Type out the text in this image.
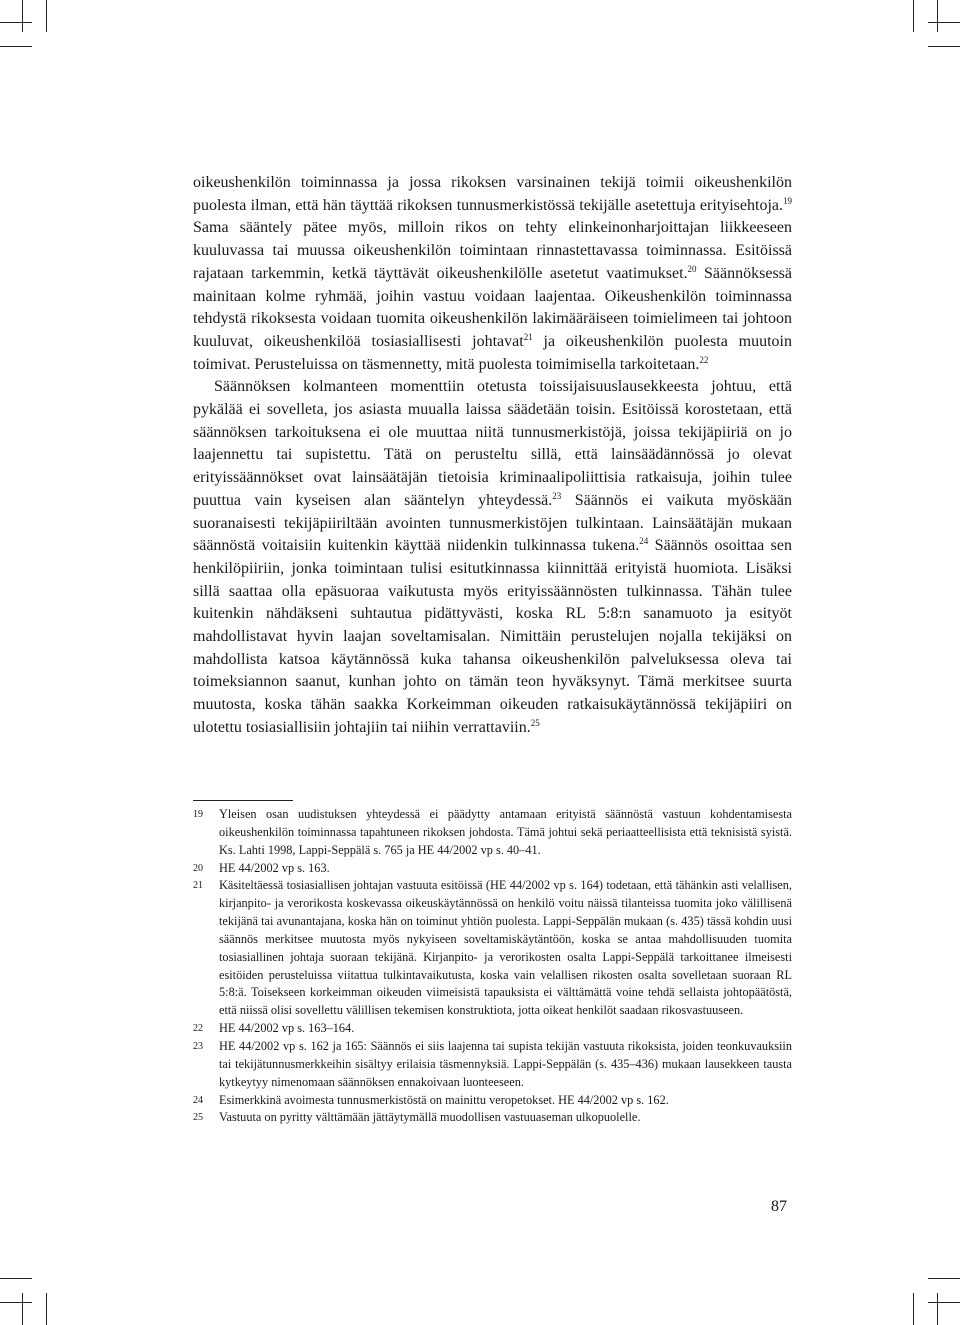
oikeushenkilön toiminnassa ja jossa rikoksen varsinainen tekijä toimii oikeushenkilön puolesta ilman, että hän täyttää rikoksen tunnusmerkistössä tekijälle asetettuja erityisehtoja.$^{19}$ Sama sääntely pätee myös, milloin rikos on tehty elinkeinonharjoittajan liikkeeseen kuuluvassa tai muussa oikeushenkilön toimintaan rinnastettavassa toiminnassa. Esitöissä rajataan tarkemmin, ketkä täyttävät oikeushenkilölle asetetut vaatimukset.$^{20}$ Säännöksessä mainitaan kolme ryhmää, joihin vastuu voidaan laajentaa. Oikeushenkilön toiminnassa tehdystä rikoksesta voidaan tuomita oikeushenkilön lakimääräiseen toimielimeen tai johtoon kuuluvat, oikeushenkilöä tosiasiallisesti johtavat$^{21}$ ja oikeushenkilön puolesta muutoin toimivat. Perusteluissa on täsmennetty, mitä puolesta toimimisella tarkoitetaan.$^{22}$

Säännöksen kolmanteen momenttiin otetusta toissijaisuuslausekkeesta johtuu, että pykälää ei sovelleta, jos asiasta muualla laissa säädetään toisin. Esitöissä korostetaan, että säännöksen tarkoituksena ei ole muuttaa niitä tunnusmerkistöjä, joissa tekijäpiiriä on jo laajennettu tai supistettu. Tätä on perusteltu sillä, että lainsäädännössä jo olevat erityissäännökset ovat lainsäätäjän tietoisia kriminaalipoliittisia ratkaisuja, joihin tulee puuttua vain kyseisen alan sääntelyn yhteydessä.$^{23}$ Säännös ei vaikuta myöskään suoranaisesti tekijäpiiriltään avointen tunnusmerkistöjen tulkintaan. Lainsäätäjän mukaan säännöstä voitaisiin kuitenkin käyttää niidenkin tulkinnassa tukena.$^{24}$ Säännös osoittaa sen henkilöpiiriin, jonka toimintaan tulisi esitutkinnassa kiinnittää erityistä huomiota. Lisäksi sillä saattaa olla epäsuoraa vaikutusta myös erityissäännösten tulkinnassa. Tähän tulee kuitenkin nähdäkseni suhtautua pidättyvästi, koska RL 5:8:n sanamuoto ja esityöt mahdollistavat hyvin laajan soveltamisalan. Nimittäin perustelujen nojalla tekijäksi on mahdollista katsoa käytännössä kuka tahansa oikeushenkilön palveluksessa oleva tai toimeksiannon saanut, kunhan johto on tämän teon hyväksynyt. Tämä merkitsee suurta muutosta, koska tähän saakka Korkeimman oikeuden ratkaisukäytännössä tekijäpiiri on ulotettu tosiasiallisiin johtajiin tai niihin verrattaviin.$^{25}$

19	Yleisen osan uudistuksen yhteydessä ei päädytty antamaan erityistä säännöstä vastuun kohdentamisesta oikeushenkilön toiminnassa tapahtuneen rikoksen johdosta. Tämä johtui sekä periaatteellisista että teknisistä syistä. Ks. Lahti 1998, Lappi-Seppälä s. 765 ja HE 44/2002 vp s. 40–41.
20	HE 44/2002 vp s. 163.
21	Käsiteltäessä tosiasiallisen johtajan vastuuta esitöissä (HE 44/2002 vp s. 164) todetaan, että tähänkin asti velallisen, kirjanpito- ja verorikosta koskevassa oikeuskäytännössä on henkilö voitu näissä tilanteissa tuomita joko välillisenä tekijänä tai avunantajana, koska hän on toiminut yhtiön puolesta. Lappi-Seppälän mukaan (s. 435) tässä kohdin uusi säännös merkitsee muutosta myös nykyiseen soveltamiskäytäntöön, koska se antaa mahdollisuuden tuomita tosiasiallinen johtaja suoraan tekijänä. Kirjanpito- ja verorikosten osalta Lappi-Seppälä tarkoittanee ilmeisesti esitöiden perusteluissa viitattua tulkintavaikutusta, koska vain velallisen rikosten osalta sovelletaan suoraan RL 5:8:ä. Toisekseen korkeimman oikeuden viimeisistä tapauksista ei välttämättä voine tehdä sellaista johtopäätöstä, että niissä olisi sovellettu välillisen tekemisen konstruktiota, jotta oikeat henkilöt saadaan rikosvastuuseen.
22	HE 44/2002 vp s. 163–164.
23	HE 44/2002 vp s. 162 ja 165: Säännös ei siis laajenna tai supista tekijän vastuuta rikoksista, joiden teonkuvauksiin tai tekijätunnusmerkkeihin sisältyy erilaisia täsmennyksiä. Lappi-Seppälän (s. 435–436) mukaan lausekkeen tausta kytkeytyy nimenomaan säännöksen ennakoivaan luonteeseen.
24	Esimerkkinä avoimesta tunnusmerkistöstä on mainittu veropetokset. HE 44/2002 vp s. 162.
25	Vastuuta on pyritty välttämään jättäytymällä muodollisen vastuuaseman ulkopuolelle.
87
